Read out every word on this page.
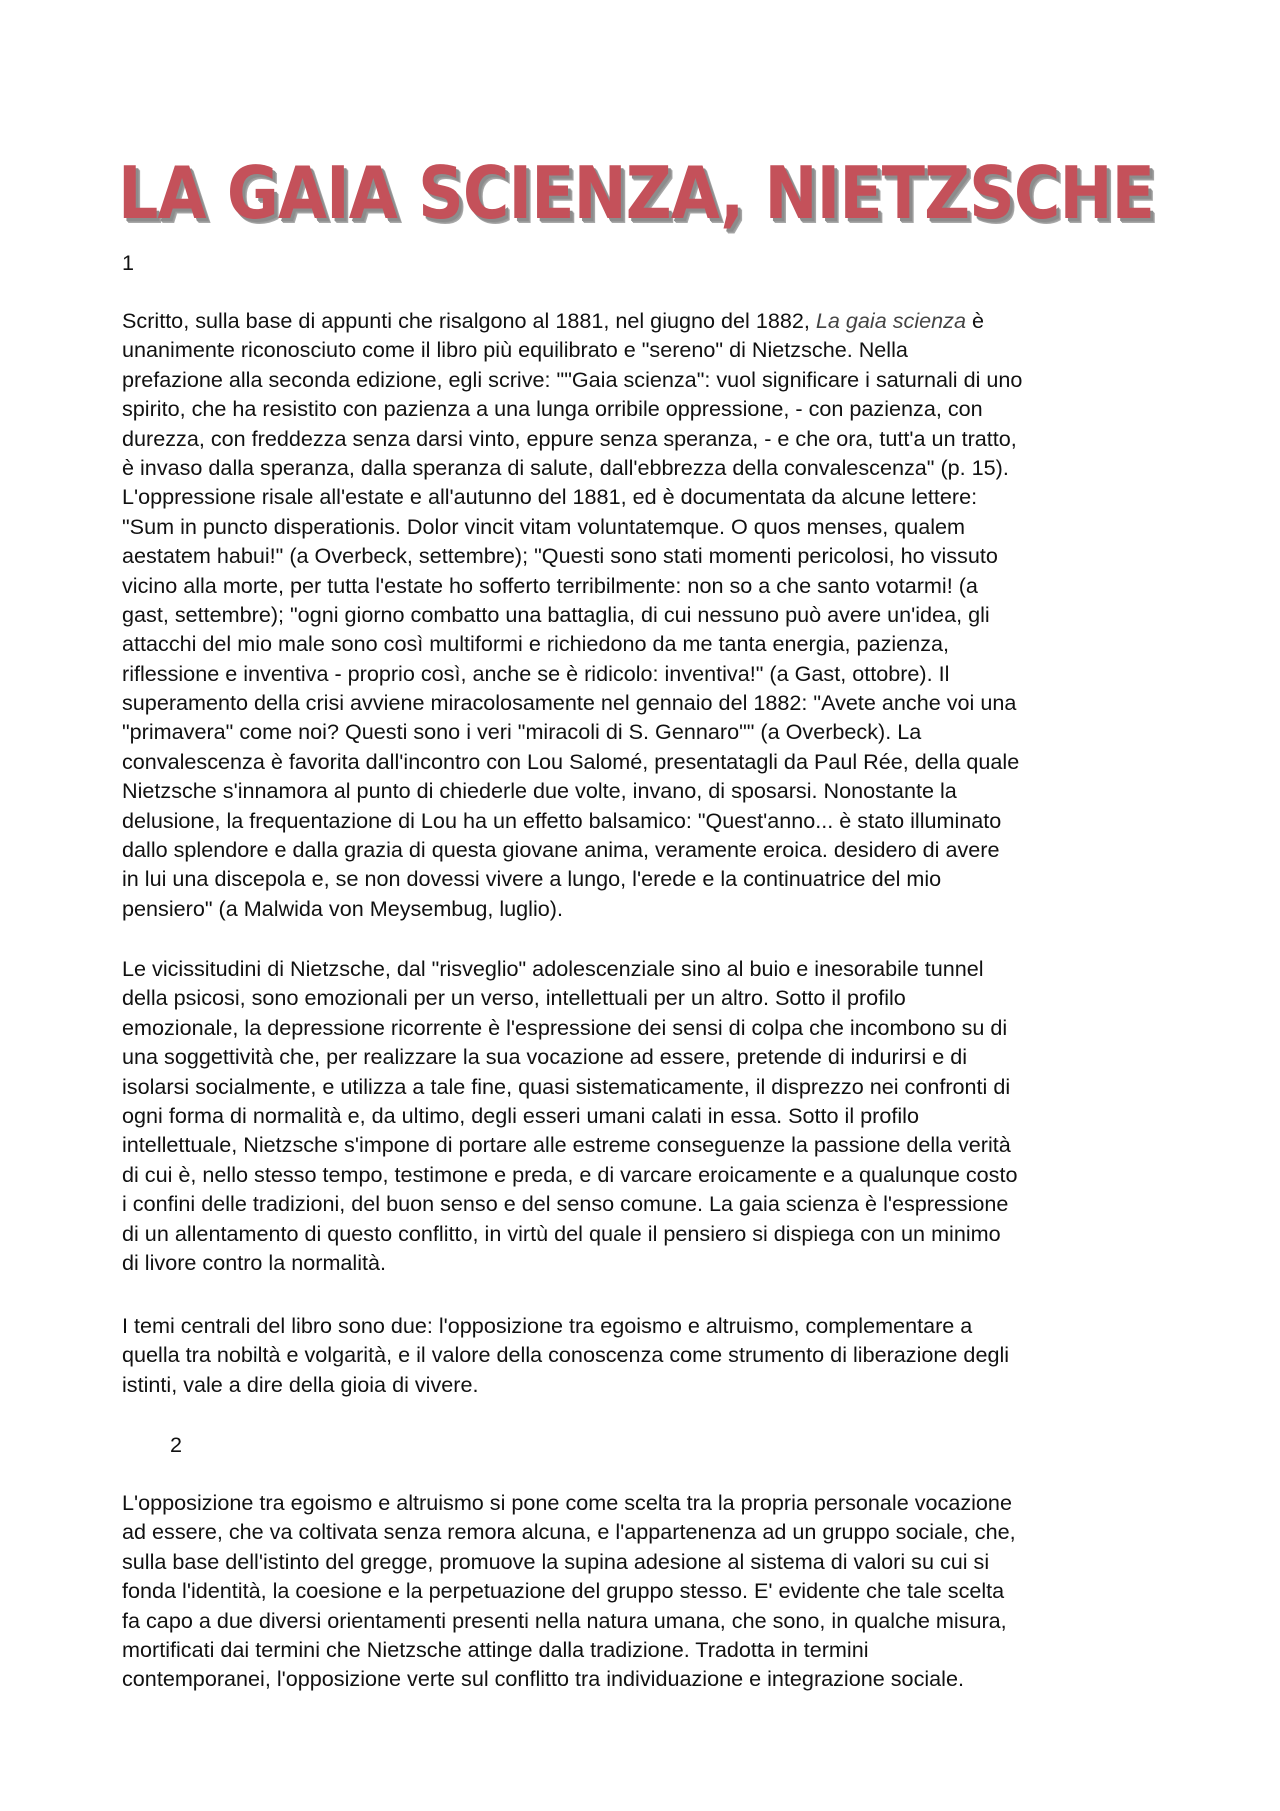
LA GAIA SCIENZA, NIETZSCHE
1
Scritto, sulla base di appunti che risalgono al 1881, nel giugno del 1882, La gaia scienza è
unanimente riconosciuto come il libro più equilibrato e "sereno" di Nietzsche. Nella
prefazione alla seconda edizione, egli scrive: ""Gaia scienza": vuol significare i saturnali di uno
spirito, che ha resistito con pazienza a una lunga orribile oppressione, - con pazienza, con
durezza, con freddezza senza darsi vinto, eppure senza speranza, - e che ora, tutt'a un tratto,
è invaso dalla speranza, dalla speranza di salute, dall'ebbrezza della convalescenza" (p. 15).
L'oppressione risale all'estate e all'autunno del 1881, ed è documentata da alcune lettere:
"Sum in puncto disperationis. Dolor vincit vitam voluntatemque. O quos menses, qualem
aestatem habui!" (a Overbeck, settembre); "Questi sono stati momenti pericolosi, ho vissuto
vicino alla morte, per tutta l'estate ho sofferto terribilmente: non so a che santo votarmi! (a
gast, settembre); "ogni giorno combatto una battaglia, di cui nessuno può avere un'idea, gli
attacchi del mio male sono così multiformi e richiedono da me tanta energia, pazienza,
riflessione e inventiva - proprio così, anche se è ridicolo: inventiva!" (a Gast, ottobre). Il
superamento della crisi avviene miracolosamente nel gennaio del 1882: "Avete anche voi una
"primavera" come noi? Questi sono i veri "miracoli di S. Gennaro"" (a Overbeck). La
convalescenza è favorita dall'incontro con Lou Salomé, presentatagli da Paul Rée, della quale
Nietzsche s'innamora al punto di chiederle due volte, invano, di sposarsi. Nonostante la
delusione, la frequentazione di Lou ha un effetto balsamico: "Quest'anno... è stato illuminato
dallo splendore e dalla grazia di questa giovane anima, veramente eroica. desidero di avere
in lui una discepola e, se non dovessi vivere a lungo, l'erede e la continuatrice del mio
pensiero" (a Malwida von Meysembug, luglio).
Le vicissitudini di Nietzsche, dal "risveglio" adolescenziale sino al buio e inesorabile tunnel
della psicosi, sono emozionali per un verso, intellettuali per un altro. Sotto il profilo
emozionale, la depressione ricorrente è l'espressione dei sensi di colpa che incombono su di
una soggettività che, per realizzare la sua vocazione ad essere, pretende di indurirsi e di
isolarsi socialmente, e utilizza a tale fine, quasi sistematicamente, il disprezzo nei confronti di
ogni forma di normalità e, da ultimo, degli esseri umani calati in essa. Sotto il profilo
intellettuale, Nietzsche s'impone di portare alle estreme conseguenze la passione della verità
di cui è, nello stesso tempo, testimone e preda, e di varcare eroicamente e a qualunque costo
i confini delle tradizioni, del buon senso e del senso comune. La gaia scienza è l'espressione
di un allentamento di questo conflitto, in virtù del quale il pensiero si dispiega con un minimo
di livore contro la normalità.
I temi centrali del libro sono due: l'opposizione tra egoismo e altruismo, complementare a
quella tra nobiltà e volgarità, e il valore della conoscenza come strumento di liberazione degli
istinti, vale a dire della gioia di vivere.
2
L'opposizione tra egoismo e altruismo si pone come scelta tra la propria personale vocazione
ad essere, che va coltivata senza remora alcuna, e l'appartenenza ad un gruppo sociale, che,
sulla base dell'istinto del gregge, promuove la supina adesione al sistema di valori su cui si
fonda l'identità, la coesione e la perpetuazione del gruppo stesso. E' evidente che tale scelta
fa capo a due diversi orientamenti presenti nella natura umana, che sono, in qualche misura,
mortificati dai termini che Nietzsche attinge dalla tradizione. Tradotta in termini
contemporanei, l'opposizione verte sul conflitto tra individuazione e integrazione sociale.
